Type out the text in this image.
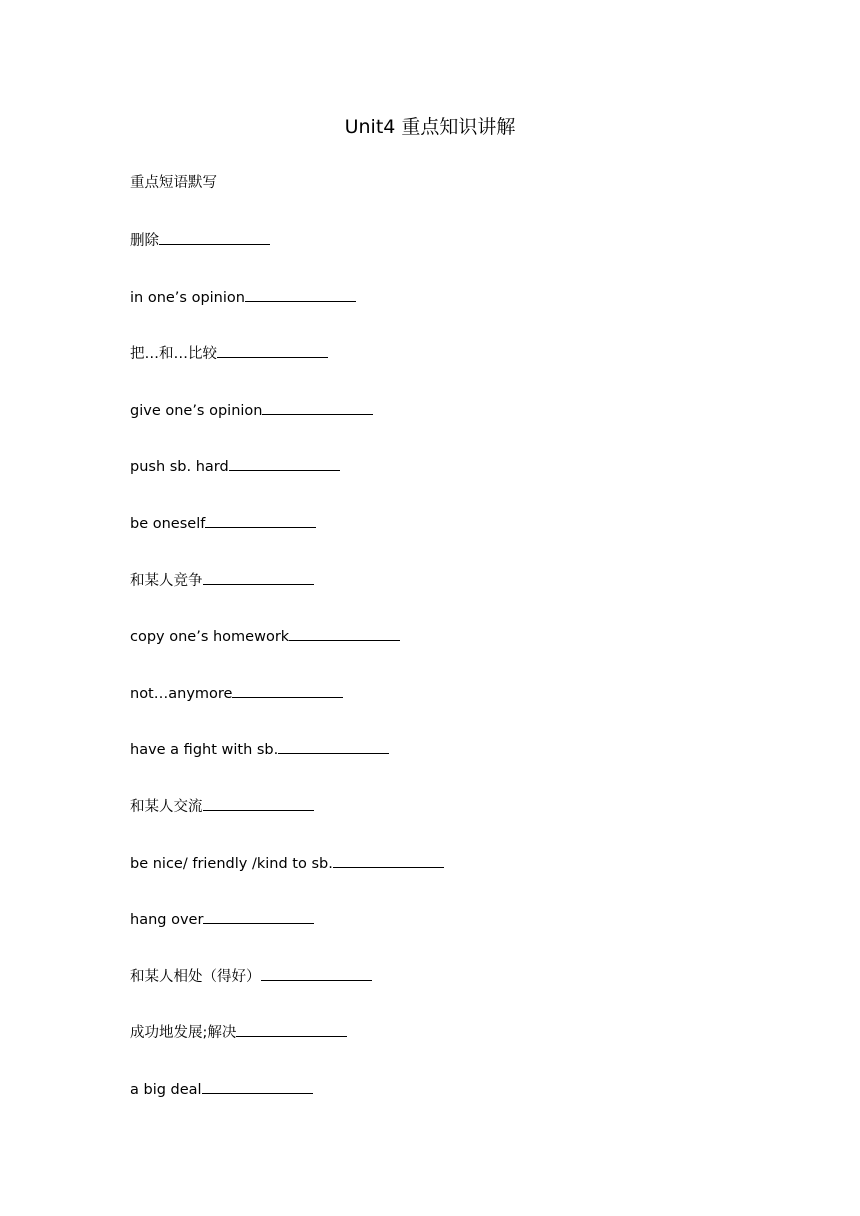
Unit4 重点知识讲解

重点短语默写

删除
in one’s opinion
把…和…比较
give one’s opinion
push sb. hard
be oneself
和某人竞争
copy one’s homework
not…anymore
have a fight with sb.
和某人交流
be nice/ friendly /kind to sb.
hang over
和某人相处（得好）
成功地发展;解决
a big deal
